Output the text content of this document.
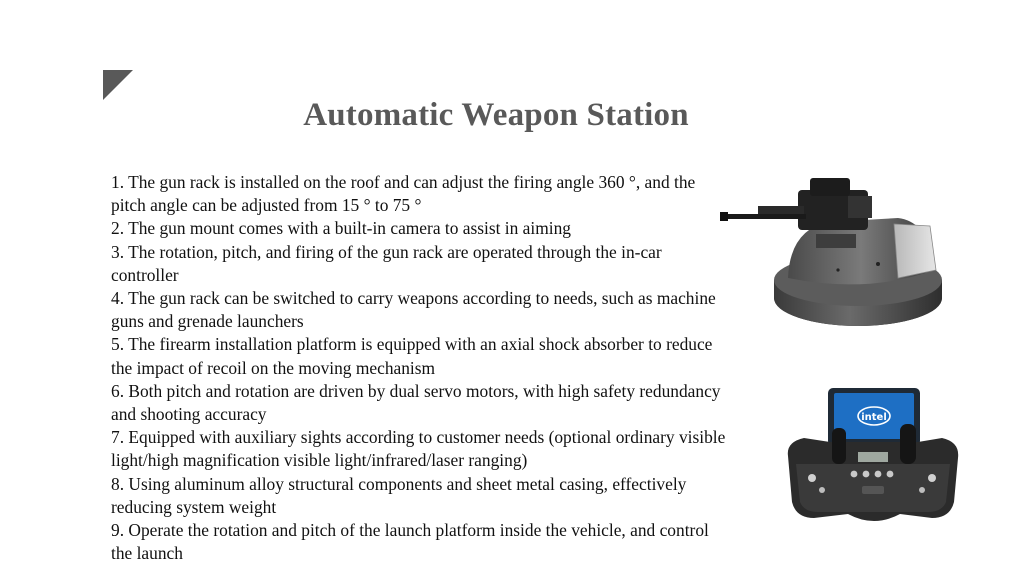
Automatic Weapon Station

1. The gun rack is installed on the roof and can adjust the firing angle 360 °, and the pitch angle can be adjusted from 15 ° to 75 °

2. The gun mount comes with a built-in camera to assist in aiming

3. The rotation, pitch, and firing of the gun rack are operated through the in-car controller

4. The gun rack can be switched to carry weapons according to needs, such as machine guns and grenade launchers

5. The firearm installation platform is equipped with an axial shock absorber to reduce the impact of recoil on the moving mechanism

6. Both pitch and rotation are driven by dual servo motors, with high safety redundancy and shooting accuracy

7. Equipped with auxiliary sights according to customer needs (optional ordinary visible light/high magnification visible light/infrared/laser ranging)

8. Using aluminum alloy structural components and sheet metal casing, effectively reducing system weight

9. Operate the rotation and pitch of the launch platform inside the vehicle, and control the launch

intel
